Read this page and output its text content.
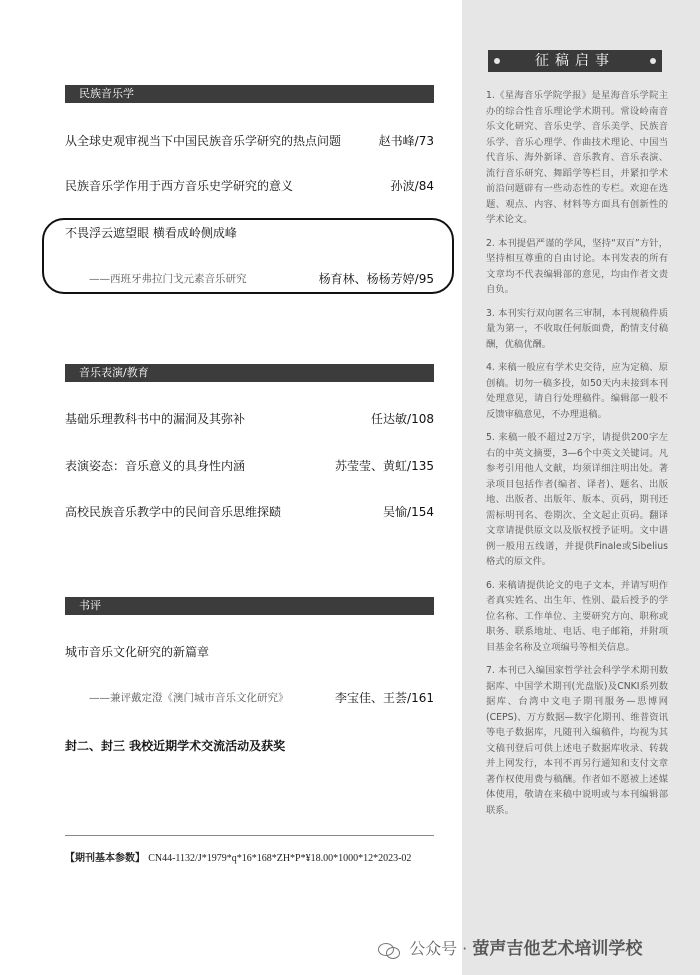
民族音乐学
从全球史观审视当下中国民族音乐学研究的热点问题	赵书峰/73
民族音乐学作用于西方音乐史学研究的意义	孙波/84
不畏浮云遮望眼 横看成岭侧成峰
——西班牙弗拉门戈元素音乐研究	杨育林、杨杨芳婷/95
音乐表演/教育
基础乐理教科书中的漏洞及其弥补	任达敏/108
表演姿态：音乐意义的具身性内涵	苏莹莹、黄虹/135
高校民族音乐教学中的民间音乐思维探赜	吴愉/154
书评
城市音乐文化研究的新篇章
——兼评戴定澄《澳门城市音乐文化研究》	李宝佳、王荟/161
封二、封三 我校近期学术交流活动及获奖
【期刊基本参数】 CN44-1132/J*1979*q*16*168*ZH*P*¥18.00*1000*12*2023-02
征稿启事

1.《星海音乐学院学报》是星海音乐学院主办的综合性音乐理论学术期刊。常设岭南音乐文化研究、音乐史学、音乐美学、民族音乐学、音乐心理学、作曲技术理论、中国当代音乐、海外新译、音乐教育、音乐表演、流行音乐研究、舞蹈学等栏目，并紧扣学术前沿问题辟有一些动态性的专栏。欢迎在选题、观点、内容、材料等方面具有创新性的学术论文。

2. 本刊提倡严谨的学风，坚持“双百”方针，坚持相互尊重的自由讨论。本刊发表的所有文章均不代表编辑部的意见，均由作者文责自负。

3. 本刊实行双向匿名三审制，本刊规稿件质量为第一，不收取任何版面费，酌情支付稿酬，优稿优酬。

4. 来稿一般应有学术史交待，应为定稿、原创稿。切勿一稿多投，如50天内未接到本刊处理意见，请自行处理稿件。编辑部一般不反馈审稿意见，不办理退稿。

5. 来稿一般不超过2万字，请提供200字左右的中英文摘要，3—6个中英文关键词。凡参考引用他人文献，均须详细注明出处。著录项目包括作者(编者、译者)、题名、出版地、出版者、出版年、版本、页码，期刊还需标明刊名、卷期次、全文起止页码。翻译文章请提供原文以及版权授予证明。文中谱例一般用五线谱，并提供Finale或Sibelius格式的原文件。

6. 来稿请提供论文的电子文本，并请写明作者真实姓名、出生年、性别、最后授予的学位名称、工作单位、主要研究方向、职称或职务、联系地址、电话、电子邮箱，并附项目基金名称及立项编号等相关信息。

7. 本刊已入编国家哲学社会科学学术期刊数据库、中国学术期刊(光盘版)及CNKI系列数据库、台湾中文电子期刊服务—思博网(CEPS)、万方数据—数字化期刊、维普资讯等电子数据库，凡随刊入编稿件，均视为其文稿刊登后可供上述电子数据库收录、转载并上网发行，本刊不再另行通知和支付文章著作权使用费与稿酬。作者如不愿被上述媒体使用，敬请在来稿中说明或与本刊编辑部联系。

公众号 · 萤声吉他艺术培训学校
